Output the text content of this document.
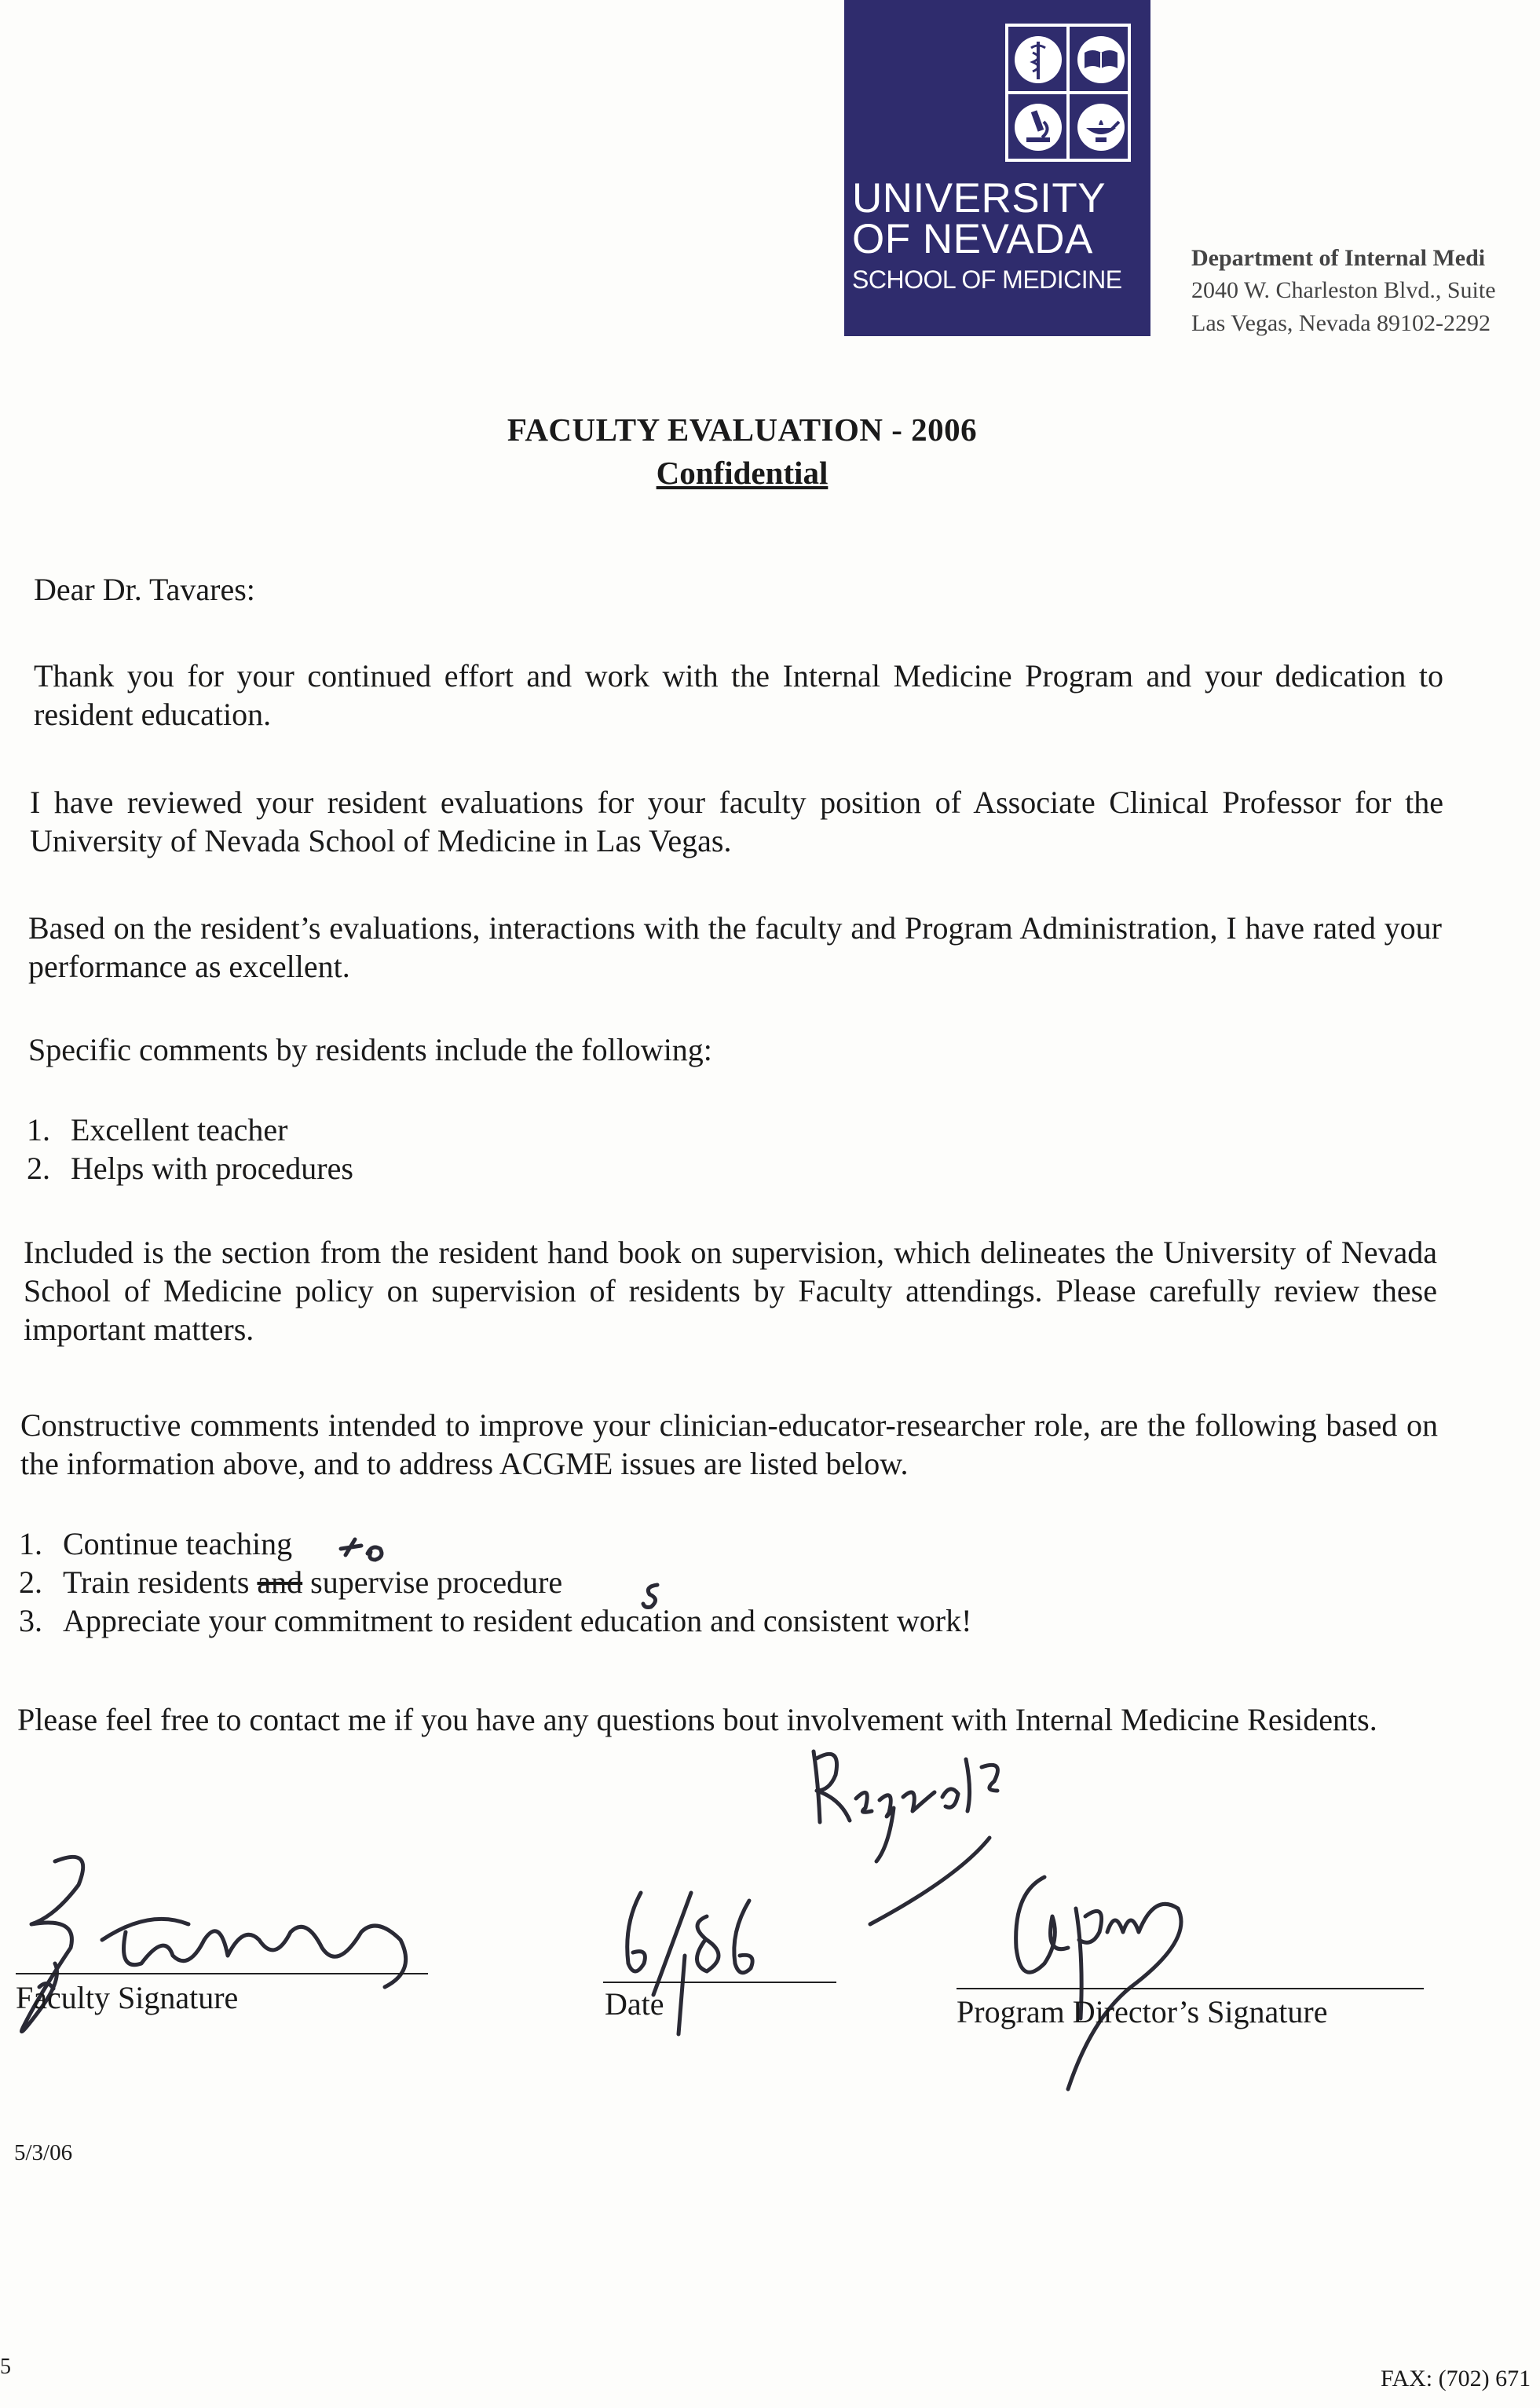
UNIVERSITY
OF NEVADA
SCHOOL OF MEDICINE
Department of Internal Medi
2040 W. Charleston Blvd., Suite
Las Vegas, Nevada 89102-2292
FACULTY EVALUATION - 2006
Confidential
Dear Dr. Tavares:
Thank you for your continued effort and work with the Internal Medicine Program and your dedication to resident education.
I have reviewed your resident evaluations for your faculty position of Associate Clinical Professor for the University of Nevada School of Medicine in Las Vegas.
Based on the resident’s evaluations, interactions with the faculty and Program Administration, I have rated your performance as excellent.
Specific comments by residents include the following:
1. Excellent teacher
2. Helps with procedures
Included is the section from the resident hand book on supervision, which delineates the University of Nevada School of Medicine policy on supervision of residents by Faculty attendings. Please carefully review these important matters.
Constructive comments intended to improve your clinician-educator-researcher role, are the following based on the information above, and to address ACGME issues are listed below.
1. Continue teaching
2. Train residents and supervise procedure
3. Appreciate your commitment to resident education and consistent work!
Please feel free to contact me if you have any questions bout involvement with Internal Medicine Residents.
Faculty Signature	Date	Program Director’s Signature
5/3/06
FAX: (702) 671
5
